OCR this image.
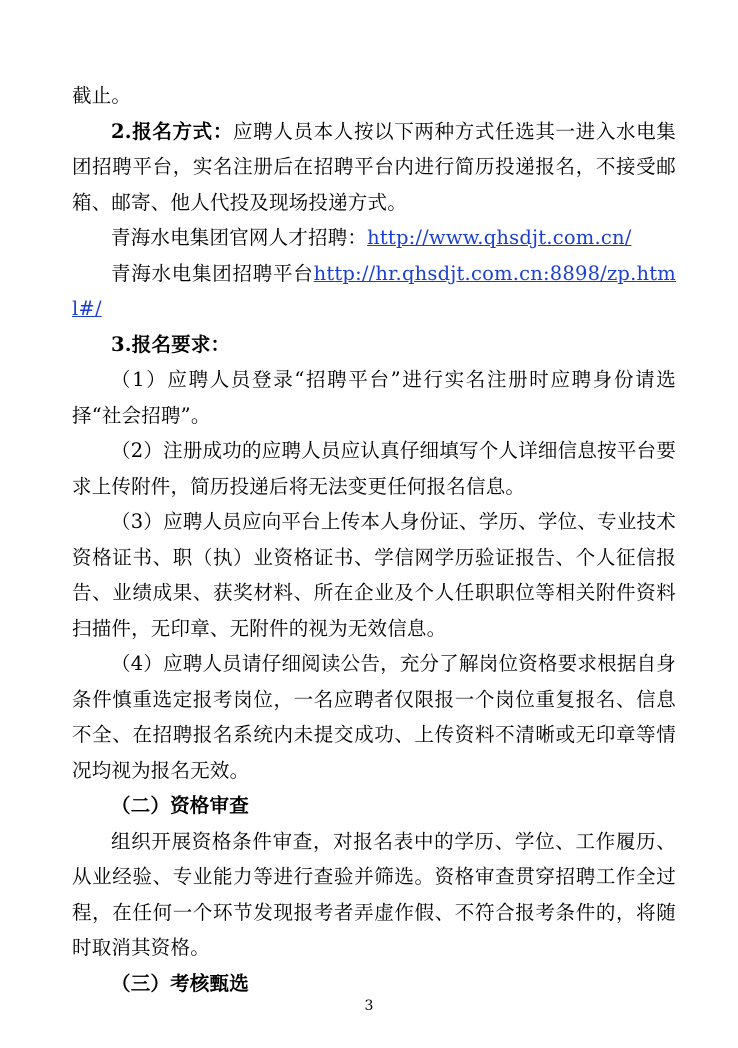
截止。

2.报名方式：应聘人员本人按以下两种方式任选其一进入水电集团招聘平台，实名注册后在招聘平台内进行简历投递报名，不接受邮箱、邮寄、他人代投及现场投递方式。

青海水电集团官网人才招聘：http://www.qhsdjt.com.cn/

青海水电集团招聘平台http://hr.qhsdjt.com.cn:8898/zp.html#/

3.报名要求：

（1）应聘人员登录“招聘平台”进行实名注册时应聘身份请选择“社会招聘”。

（2）注册成功的应聘人员应认真仔细填写个人详细信息按平台要求上传附件，简历投递后将无法变更任何报名信息。

（3）应聘人员应向平台上传本人身份证、学历、学位、专业技术资格证书、职（执）业资格证书、学信网学历验证报告、个人征信报告、业绩成果、获奖材料、所在企业及个人任职职位等相关附件资料扫描件，无印章、无附件的视为无效信息。

（4）应聘人员请仔细阅读公告，充分了解岗位资格要求根据自身条件慎重选定报考岗位，一名应聘者仅限报一个岗位重复报名、信息不全、在招聘报名系统内未提交成功、上传资料不清晰或无印章等情况均视为报名无效。

（二）资格审查

组织开展资格条件审查，对报名表中的学历、学位、工作履历、从业经验、专业能力等进行查验并筛选。资格审查贯穿招聘工作全过程，在任何一个环节发现报考者弄虚作假、不符合报考条件的，将随时取消其资格。

（三）考核甄选

3
